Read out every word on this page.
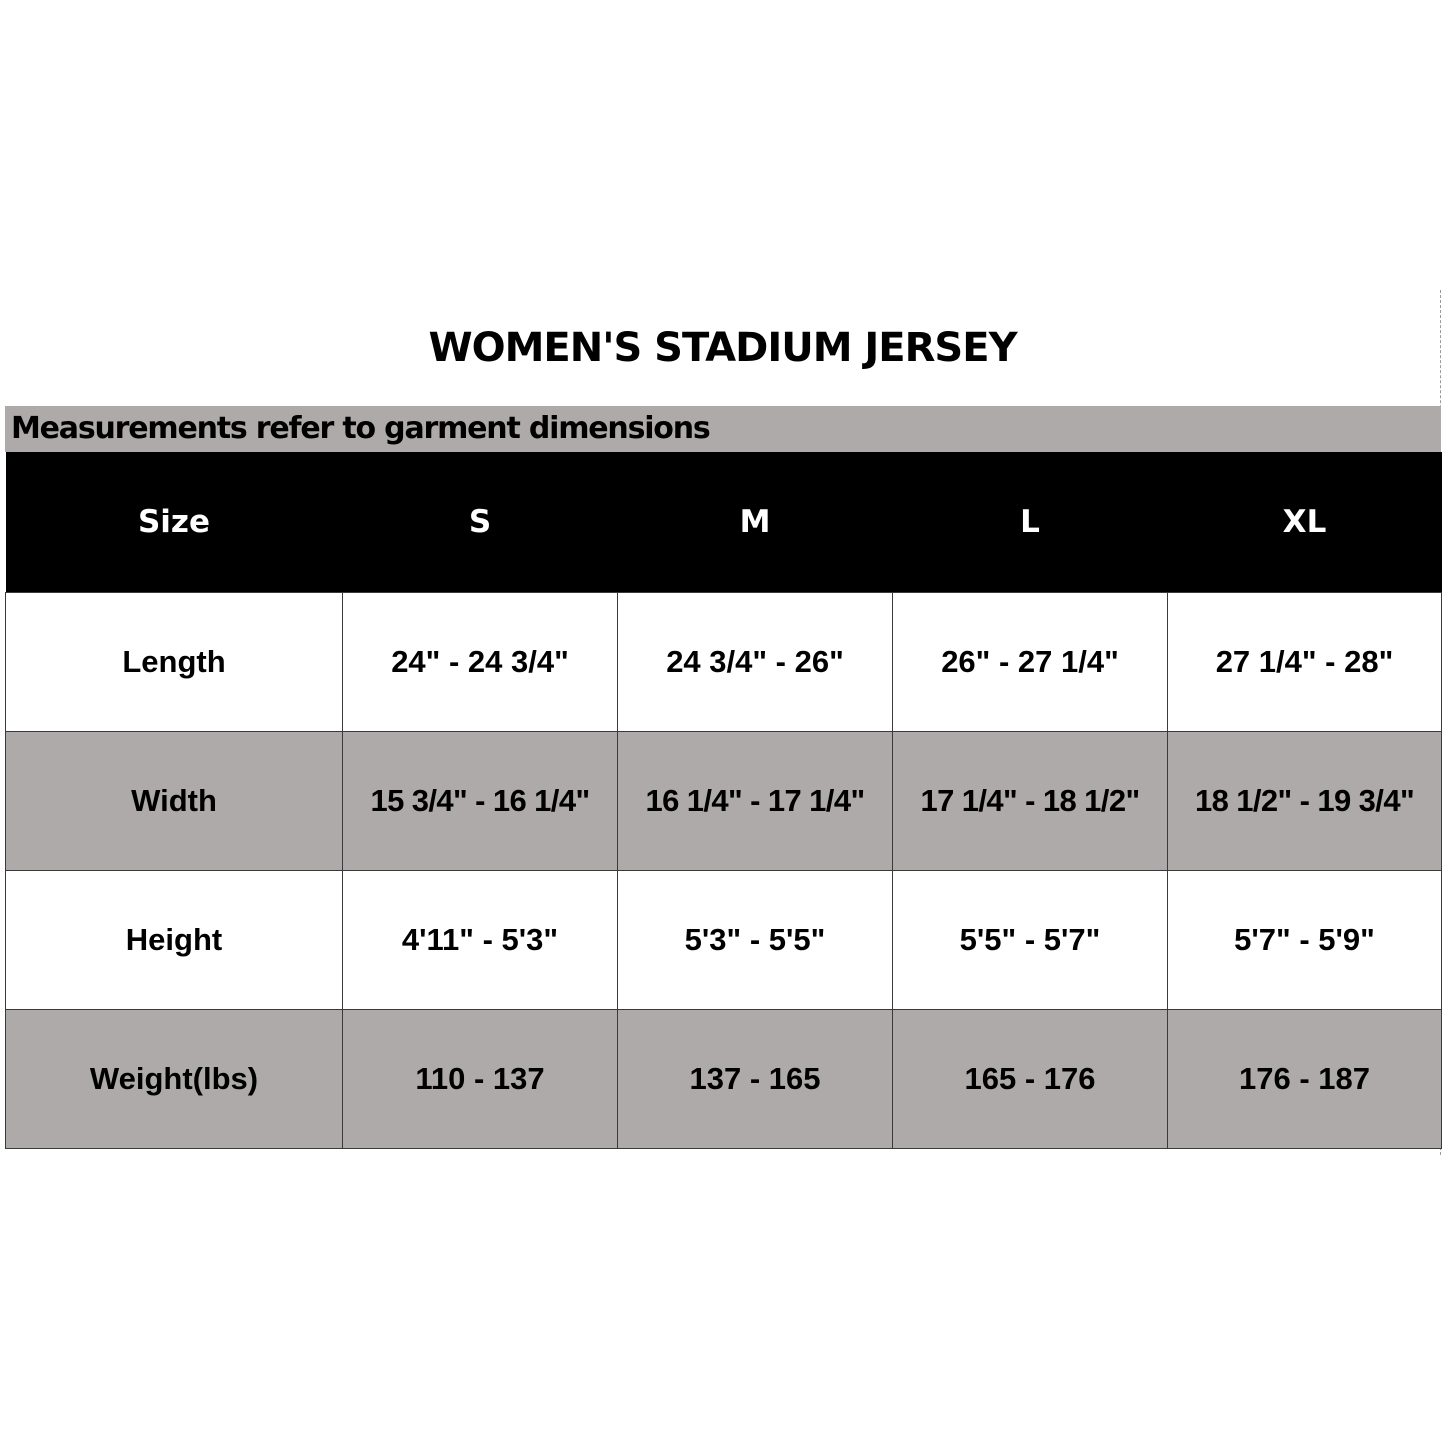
WOMEN'S STADIUM JERSEY
Measurements refer to garment dimensions
Size	S	M	L	XL
Length	24" - 24 3/4"	24 3/4" - 26"	26" - 27 1/4"	27 1/4" - 28"
Width	15 3/4" - 16 1/4"	16 1/4" - 17 1/4"	17 1/4" - 18 1/2"	18 1/2" - 19 3/4"
Height	4'11" - 5'3"	5'3" - 5'5"	5'5" - 5'7"	5'7" - 5'9"
Weight(lbs)	110 - 137	137 - 165	165 - 176	176 - 187
